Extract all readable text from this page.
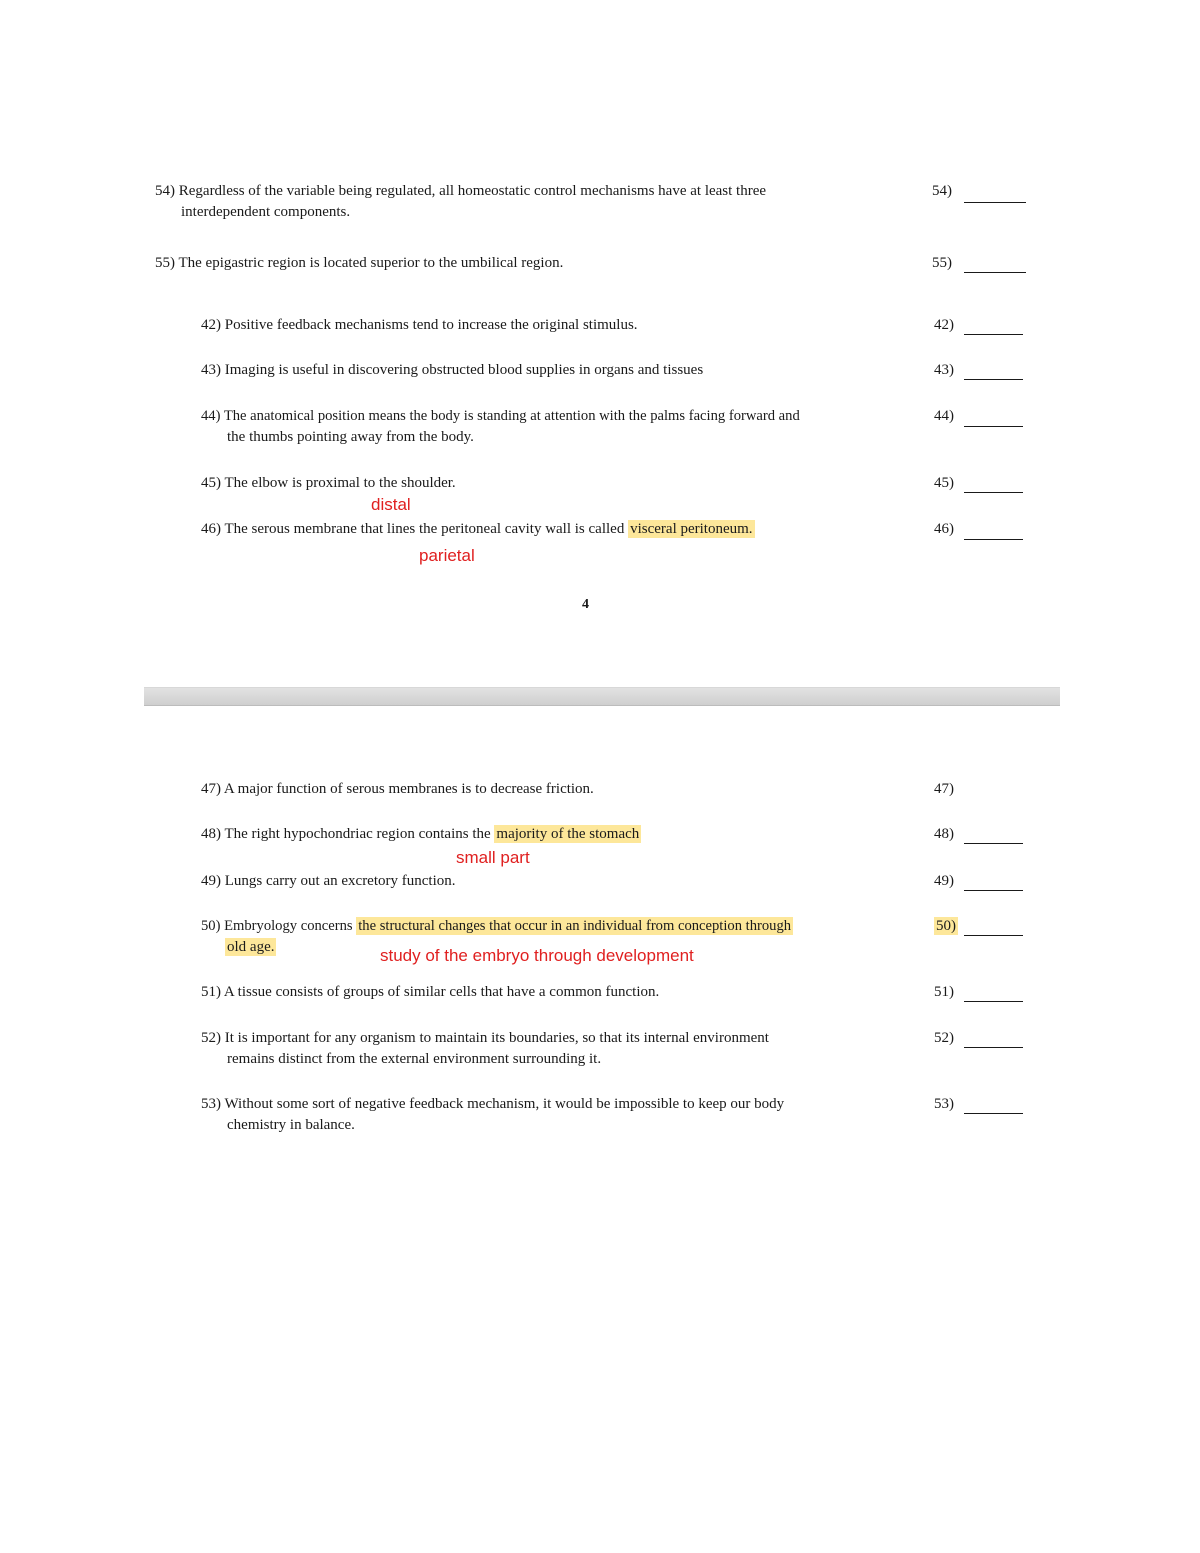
54) Regardless of the variable being regulated, all homeostatic control mechanisms have at least three
interdependent components.
54)
55) The epigastric region is located superior to the umbilical region.	55)
42) Positive feedback mechanisms tend to increase the original stimulus.	42)
43) Imaging is useful in discovering obstructed blood supplies in organs and tissues	43)
44) The anatomical position means the body is standing at attention with the palms facing forward and
the thumbs pointing away from the body.
44)
45) The elbow is proximal to the shoulder.	45)
distal
46) The serous membrane that lines the peritoneal cavity wall is called visceral peritoneum.	46)
parietal
4
47) A major function of serous membranes is to decrease friction.	47)
48) The right hypochondriac region contains the majority of the stomach	48)
small part
49) Lungs carry out an excretory function.	49)
50) Embryology concerns the structural changes that occur in an individual from conception through
old age.
50)
study of the embryo through development
51) A tissue consists of groups of similar cells that have a common function.	51)
52) It is important for any organism to maintain its boundaries, so that its internal environment
remains distinct from the external environment surrounding it.
52)
53) Without some sort of negative feedback mechanism, it would be impossible to keep our body
chemistry in balance.
53)
